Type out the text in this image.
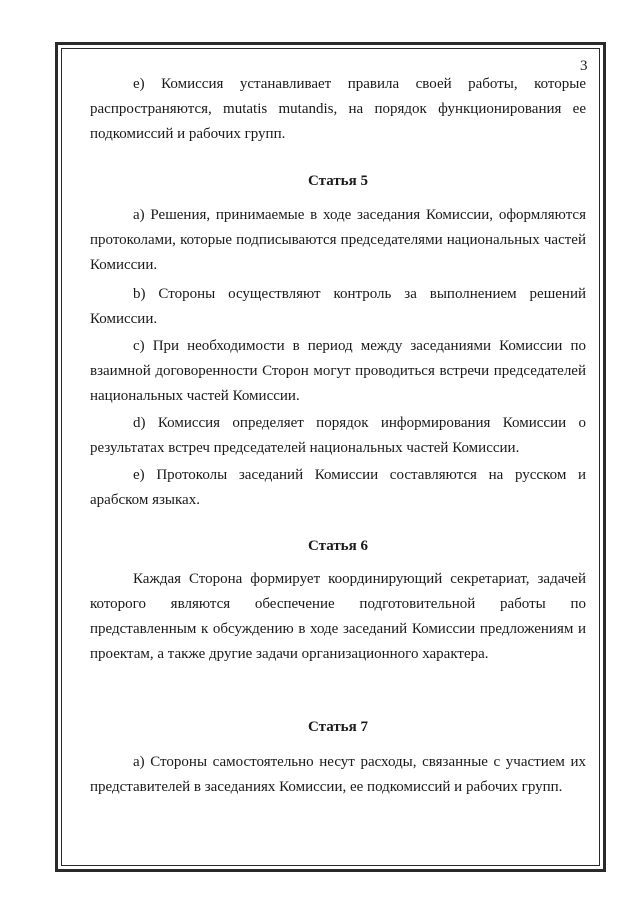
3

e) Комиссия устанавливает правила своей работы, которые распространяются, mutatis mutandis, на порядок функционирования ее подкомиссий и рабочих групп.

Статья 5

a) Решения, принимаемые в ходе заседания Комиссии, оформляются протоколами, которые подписываются председателями национальных частей Комиссии.

b) Стороны осуществляют контроль за выполнением решений Комиссии.

c) При необходимости в период между заседаниями Комиссии по взаимной договоренности Сторон могут проводиться встречи председателей национальных частей Комиссии.

d) Комиссия определяет порядок информирования Комиссии о результатах встреч председателей национальных частей Комиссии.

e) Протоколы заседаний Комиссии составляются на русском и арабском языках.

Статья 6

Каждая Сторона формирует координирующий секретариат, задачей которого являются обеспечение подготовительной работы по представленным к обсуждению в ходе заседаний Комиссии предложениям и проектам, а также другие задачи организационного характера.

Статья 7

a) Стороны самостоятельно несут расходы, связанные с участием их представителей в заседаниях Комиссии, ее подкомиссий и рабочих групп.
